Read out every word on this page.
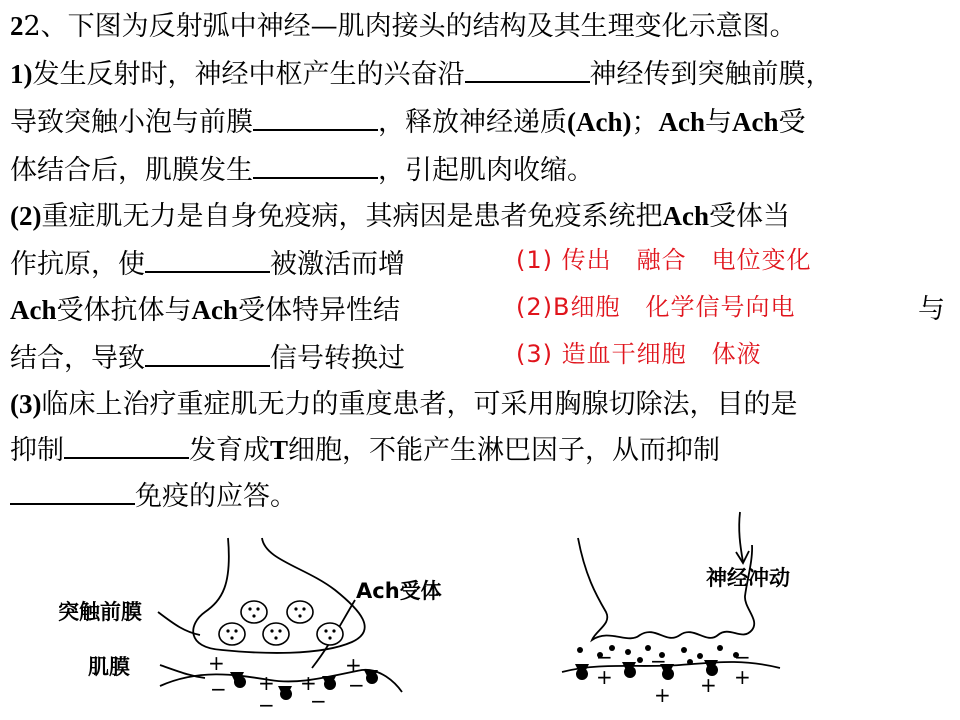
22、下图为反射弧中神经—肌肉接头的结构及其生理变化示意图。
1)发生反射时，神经中枢产生的兴奋沿	神经传到突触前膜，
导致突触小泡与前膜	，释放神经递质(Ach)；Ach与Ach受
体结合后，肌膜发生	，引起肌肉收缩。
(2)重症肌无力是自身免疫病，其病因是患者免疫系统把Ach受体当
作抗原，使	被激活而增
Ach受体抗体与Ach受体特异性结
结合，导致	信号转换过
与
(1) 传出　融合　电位变化
(2)B细胞　化学信号向电
(3) 造血干细胞　体液
(3)临床上治疗重症肌无力的重度患者，可采用胸腺切除法，目的是
抑制	发育成T细胞，不能产生淋巴因子，从而抑制
免疫的应答。
+
− +
−
+
−
+
−
−
+
−
+ +
−
+
突触前膜
肌膜
Ach受体
神经冲动
